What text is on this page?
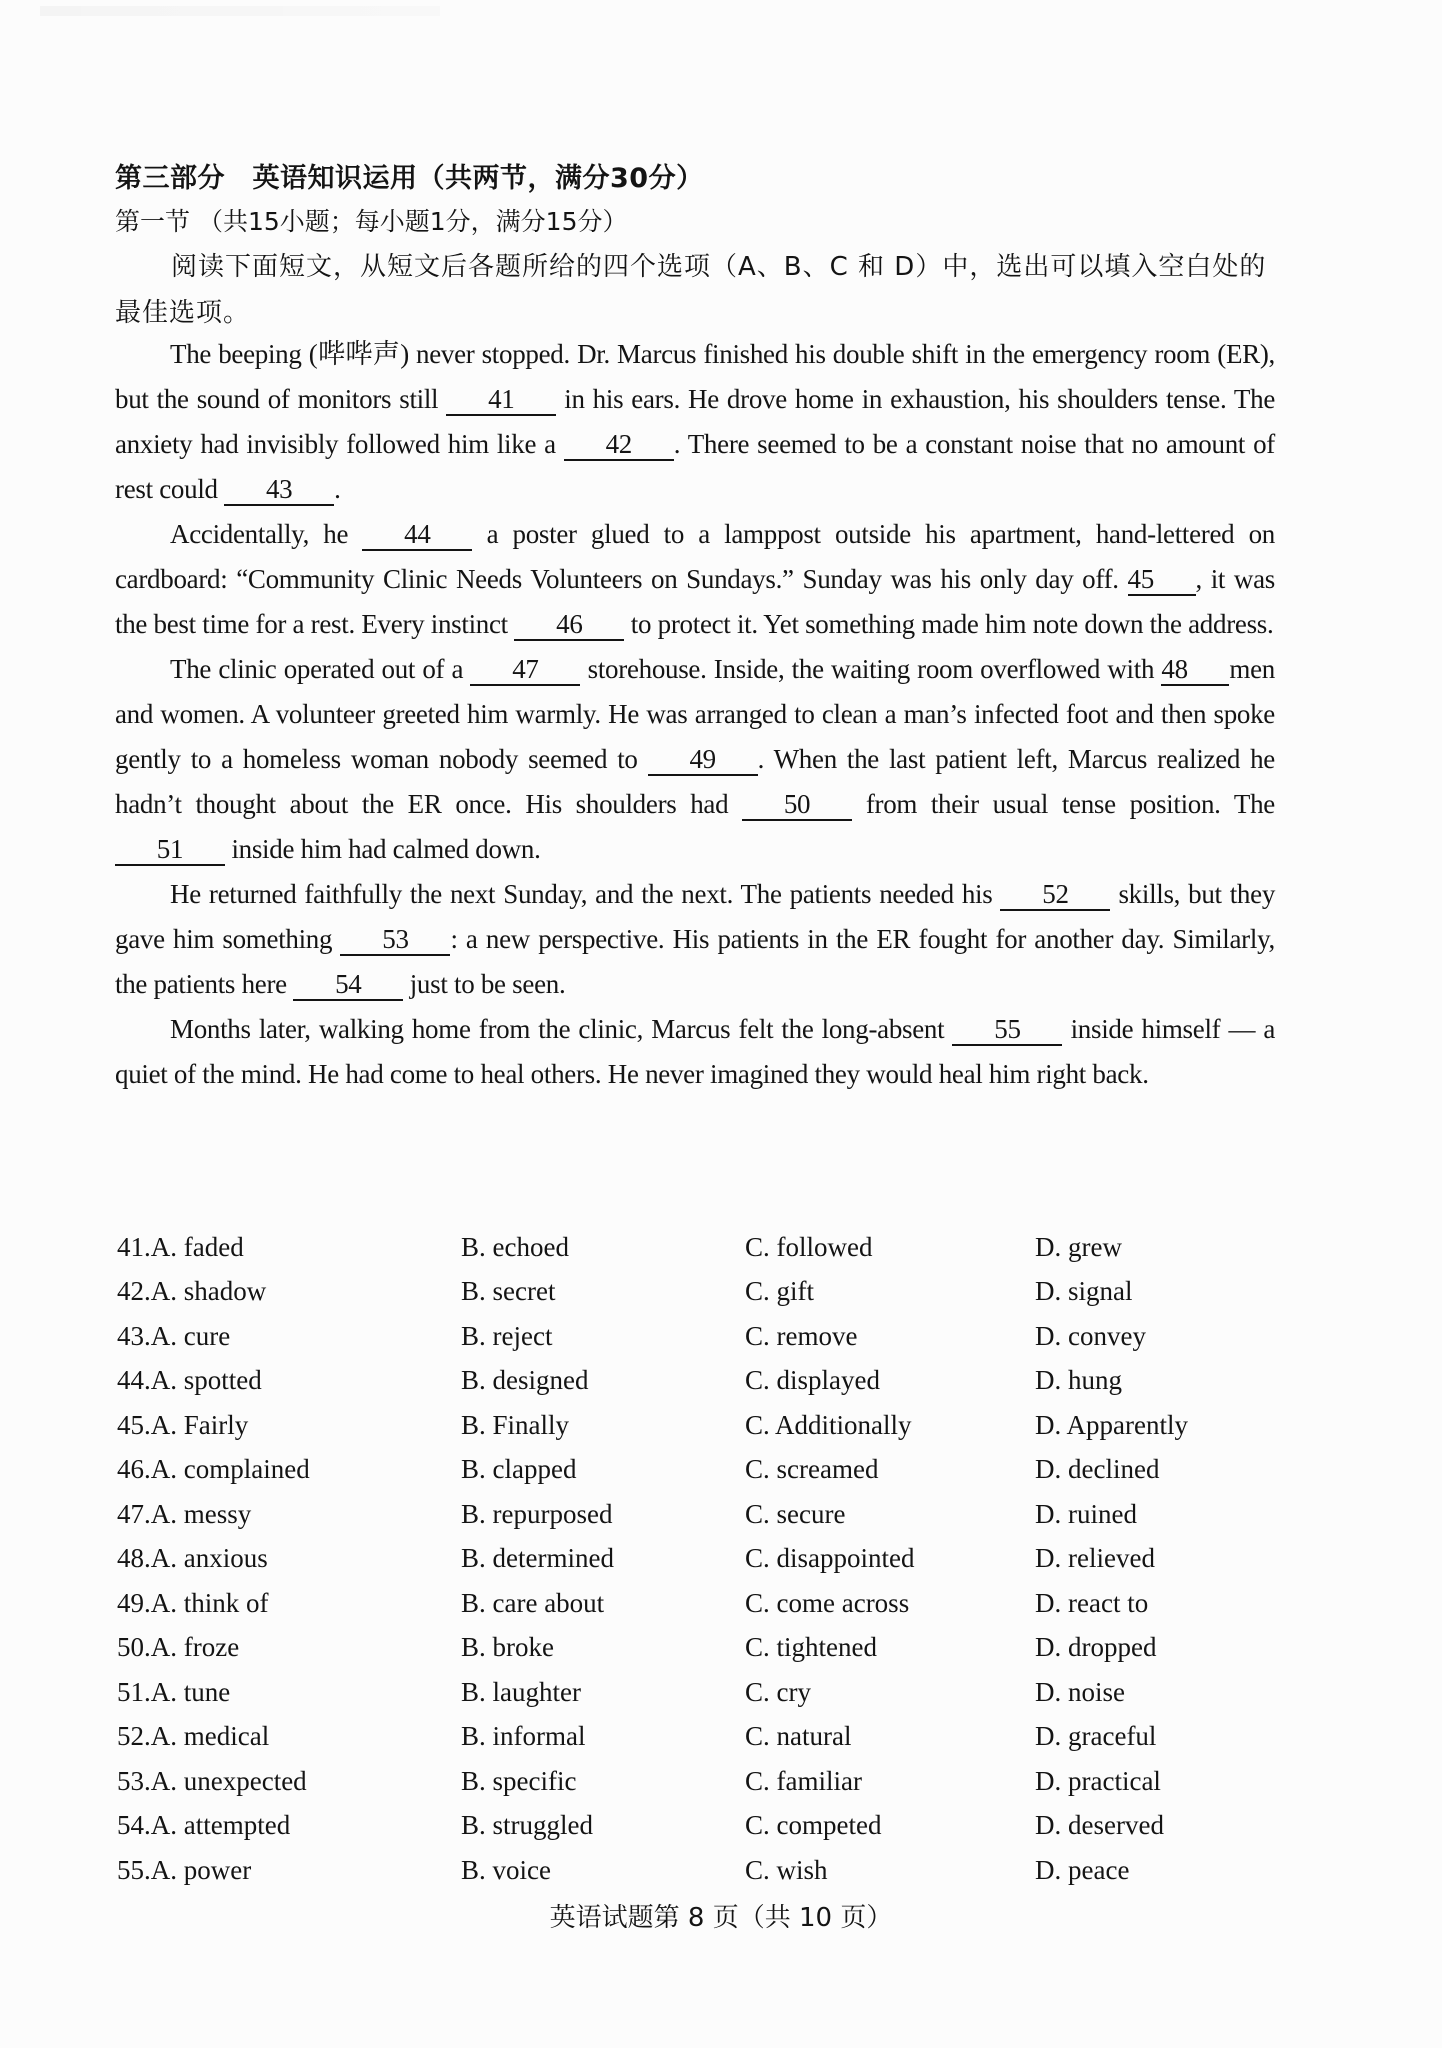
第三部分　英语知识运用（共两节，满分30分）
第一节 （共15小题；每小题1分，满分15分）
阅读下面短文，从短文后各题所给的四个选项（A、B、C 和 D）中，选出可以填入空白处的最佳选项。

The beeping (哔哔声) never stopped. Dr. Marcus finished his double shift in the emergency room (ER), but the sound of monitors still 41 in his ears. He drove home in exhaustion, his shoulders tense. The anxiety had invisibly followed him like a 42 . There seemed to be a constant noise that no amount of rest could 43 .

Accidentally, he 44 a poster glued to a lamppost outside his apartment, hand-lettered on cardboard: “Community Clinic Needs Volunteers on Sundays.” Sunday was his only day off. 45 , it was the best time for a rest. Every instinct 46 to protect it. Yet something made him note down the address.

The clinic operated out of a 47 storehouse. Inside, the waiting room overflowed with 48 men and women. A volunteer greeted him warmly. He was arranged to clean a man’s infected foot and then spoke gently to a homeless woman nobody seemed to 49 . When the last patient left, Marcus realized he hadn’t thought about the ER once. His shoulders had 50 from their usual tense position. The 51 inside him had calmed down.

He returned faithfully the next Sunday, and the next. The patients needed his 52 skills, but they gave him something 53 : a new perspective. His patients in the ER fought for another day. Similarly, the patients here 54 just to be seen.

Months later, walking home from the clinic, Marcus felt the long-absent 55 inside himself — a quiet of the mind. He had come to heal others. He never imagined they would heal him right back.

41.A. faded	B. echoed	C. followed	D. grew
42.A. shadow	B. secret	C. gift	D. signal
43.A. cure	B. reject	C. remove	D. convey
44.A. spotted	B. designed	C. displayed	D. hung
45.A. Fairly	B. Finally	C. Additionally	D. Apparently
46.A. complained	B. clapped	C. screamed	D. declined
47.A. messy	B. repurposed	C. secure	D. ruined
48.A. anxious	B. determined	C. disappointed	D. relieved
49.A. think of	B. care about	C. come across	D. react to
50.A. froze	B. broke	C. tightened	D. dropped
51.A. tune	B. laughter	C. cry	D. noise
52.A. medical	B. informal	C. natural	D. graceful
53.A. unexpected	B. specific	C. familiar	D. practical
54.A. attempted	B. struggled	C. competed	D. deserved
55.A. power	B. voice	C. wish	D. peace
英语试题第 8 页（共 10 页）
